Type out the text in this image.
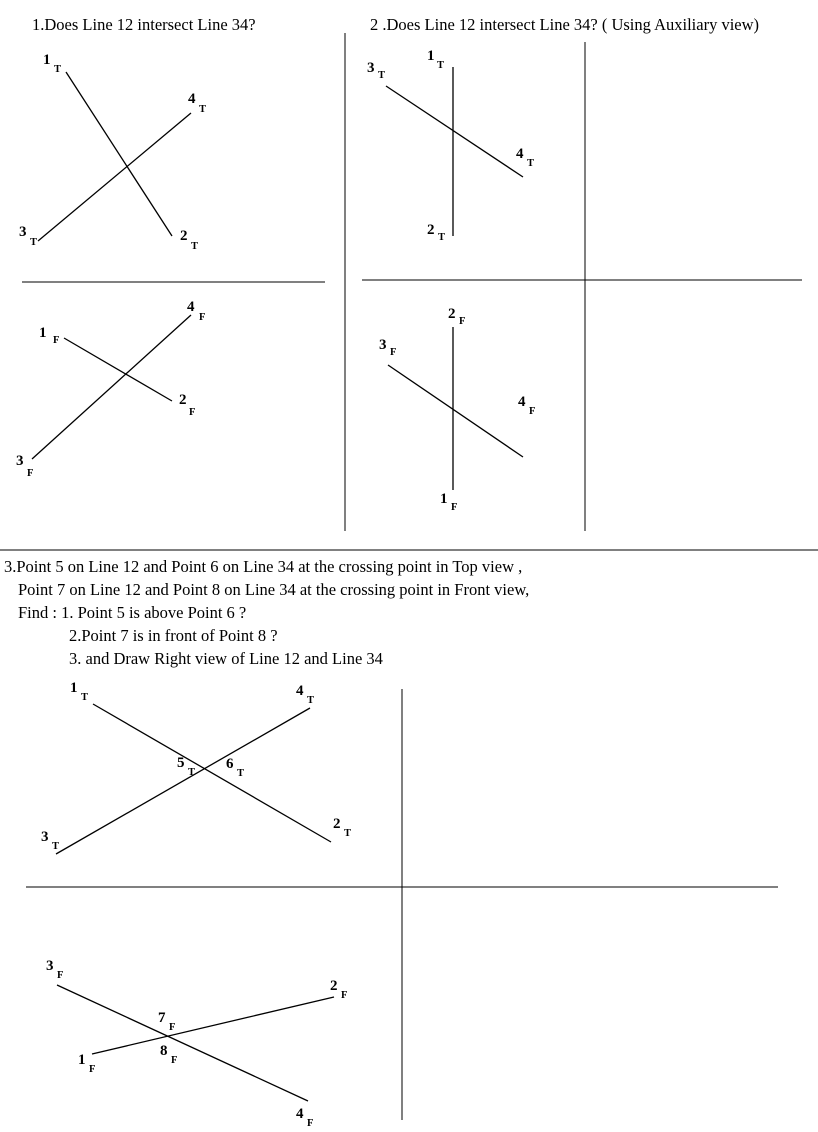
1.Does Line 12 intersect Line 34?
1
T
4
T
3
T	2
T
1 F
4
F
2
F
3
F
2 .Does Line 12 intersect Line 34? ( Using Auxiliary view)
3 T
1
T
4
T
2 T
2 F
3 F
4
F
1
F
3.Point 5 on Line 12 and Point 6 on Line 34 at the crossing point in Top view ,
Point 7 on Line 12 and Point 8 on Line 34 at the crossing point in Front view,
Find : 1. Point 5 is above Point 6 ?
2.Point 7 is in front of Point 8 ?
3. and Draw Right view of Line 12 and Line 34
1
T	4
T
5
T
6
T
2
T
3
T
3
F
2
F
7
F
8
F
1
F
4
F
